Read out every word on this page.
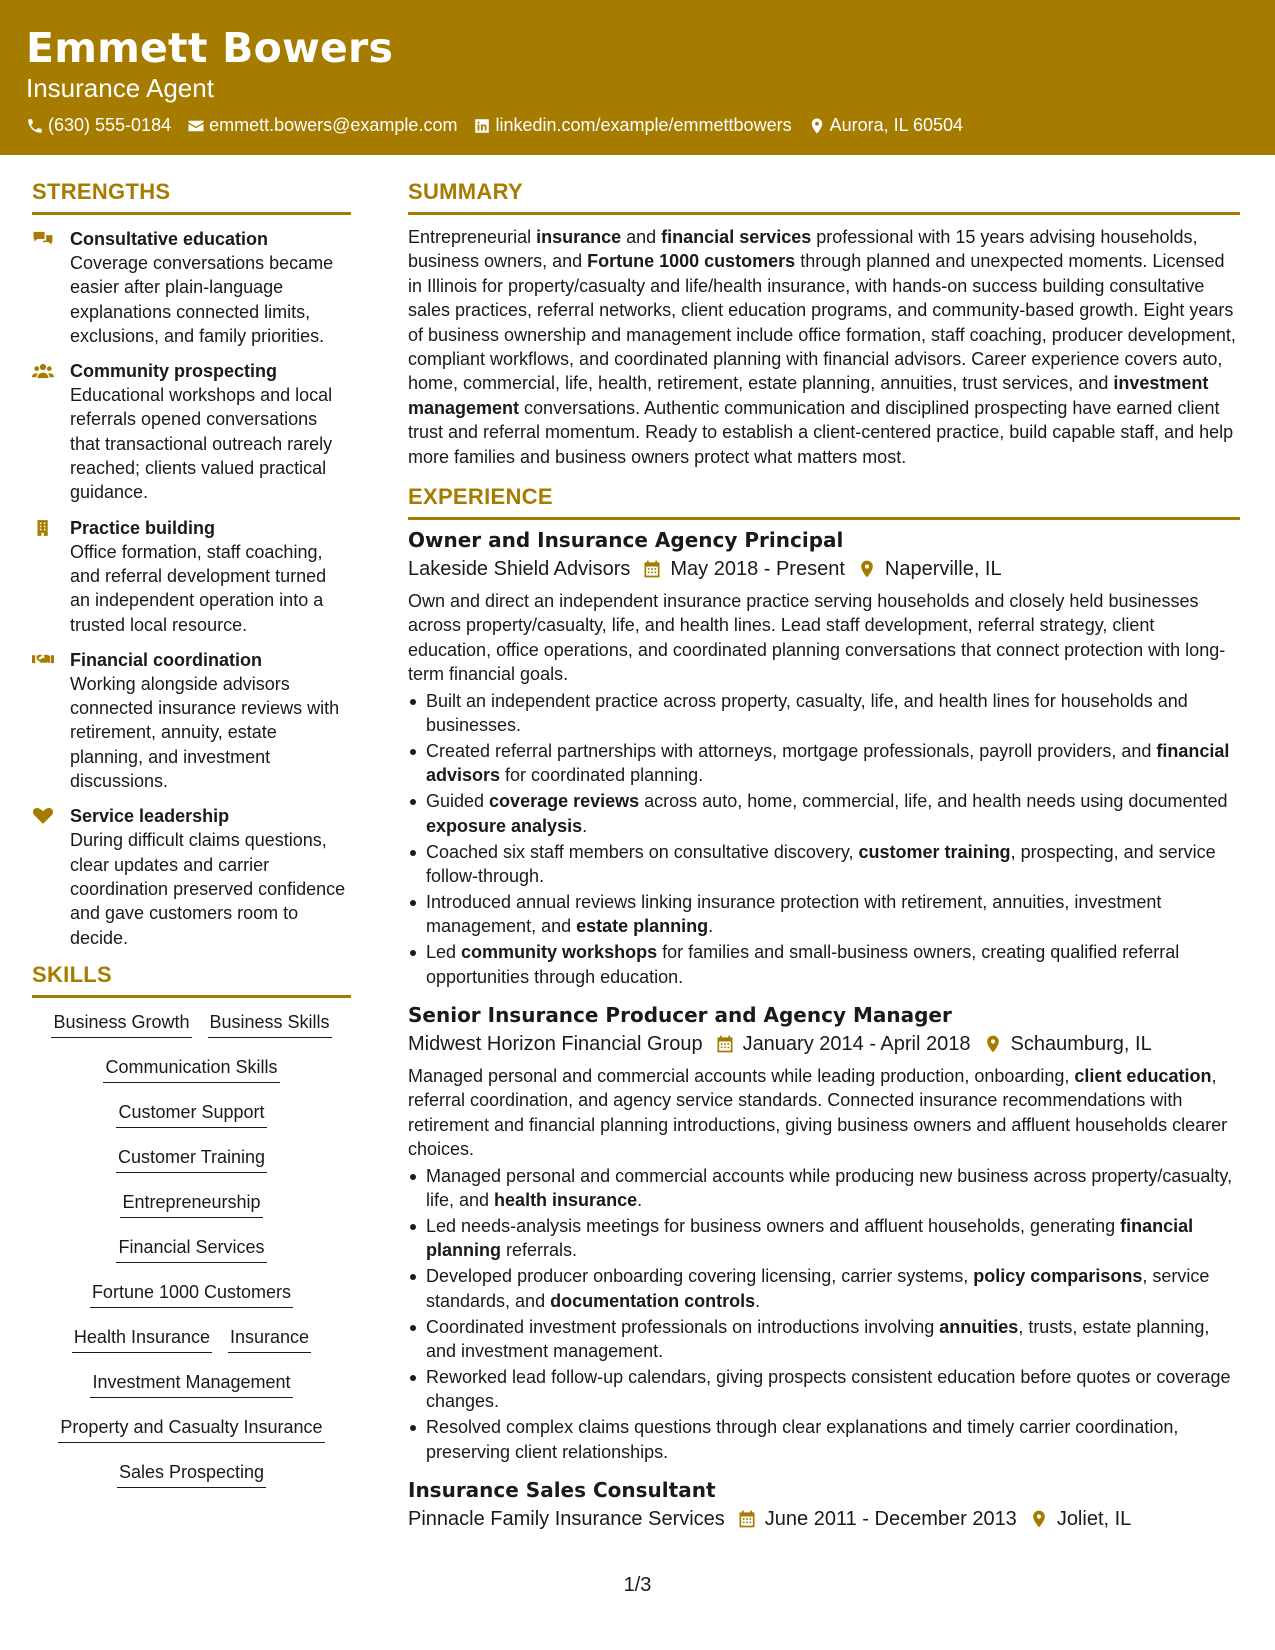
Emmett Bowers
Insurance Agent
(630) 555-0184 emmett.bowers@example.com linkedin.com/example/emmettbowers Aurora, IL 60504
STRENGTHS
Consultative education
Coverage conversations became easier after plain-language explanations connected limits, exclusions, and family priorities.
Community prospecting
Educational workshops and local referrals opened conversations that transactional outreach rarely reached; clients valued practical guidance.
Practice building
Office formation, staff coaching, and referral development turned an independent operation into a trusted local resource.
Financial coordination
Working alongside advisors connected insurance reviews with retirement, annuity, estate planning, and investment discussions.
Service leadership
During difficult claims questions, clear updates and carrier coordination preserved confidence and gave customers room to decide.
SKILLS
Business Growth Business Skills
Communication Skills
Customer Support
Customer Training
Entrepreneurship
Financial Services
Fortune 1000 Customers
Health Insurance Insurance
Investment Management
Property and Casualty Insurance
Sales Prospecting
SUMMARY
Entrepreneurial insurance and financial services professional with 15 years advising households, business owners, and Fortune 1000 customers through planned and unexpected moments. Licensed in Illinois for property/casualty and life/health insurance, with hands-on success building consultative sales practices, referral networks, client education programs, and community-based growth. Eight years of business ownership and management include office formation, staff coaching, producer development, compliant workflows, and coordinated planning with financial advisors. Career experience covers auto, home, commercial, life, health, retirement, estate planning, annuities, trust services, and investment management conversations. Authentic communication and disciplined prospecting have earned client trust and referral momentum. Ready to establish a client-centered practice, build capable staff, and help more families and business owners protect what matters most.
EXPERIENCE
Owner and Insurance Agency Principal
Lakeside Shield Advisors May 2018 - Present Naperville, IL
Own and direct an independent insurance practice serving households and closely held businesses across property/casualty, life, and health lines. Lead staff development, referral strategy, client education, office operations, and coordinated planning conversations that connect protection with long-term financial goals.
Built an independent practice across property, casualty, life, and health lines for households and businesses.
Created referral partnerships with attorneys, mortgage professionals, payroll providers, and financial advisors for coordinated planning.
Guided coverage reviews across auto, home, commercial, life, and health needs using documented exposure analysis.
Coached six staff members on consultative discovery, customer training, prospecting, and service follow-through.
Introduced annual reviews linking insurance protection with retirement, annuities, investment management, and estate planning.
Led community workshops for families and small-business owners, creating qualified referral opportunities through education.
Senior Insurance Producer and Agency Manager
Midwest Horizon Financial Group January 2014 - April 2018 Schaumburg, IL
Managed personal and commercial accounts while leading production, onboarding, client education, referral coordination, and agency service standards. Connected insurance recommendations with retirement and financial planning introductions, giving business owners and affluent households clearer choices.
Managed personal and commercial accounts while producing new business across property/casualty, life, and health insurance.
Led needs-analysis meetings for business owners and affluent households, generating financial planning referrals.
Developed producer onboarding covering licensing, carrier systems, policy comparisons, service standards, and documentation controls.
Coordinated investment professionals on introductions involving annuities, trusts, estate planning, and investment management.
Reworked lead follow-up calendars, giving prospects consistent education before quotes or coverage changes.
Resolved complex claims questions through clear explanations and timely carrier coordination, preserving client relationships.
Insurance Sales Consultant
Pinnacle Family Insurance Services June 2011 - December 2013 Joliet, IL
1/3
